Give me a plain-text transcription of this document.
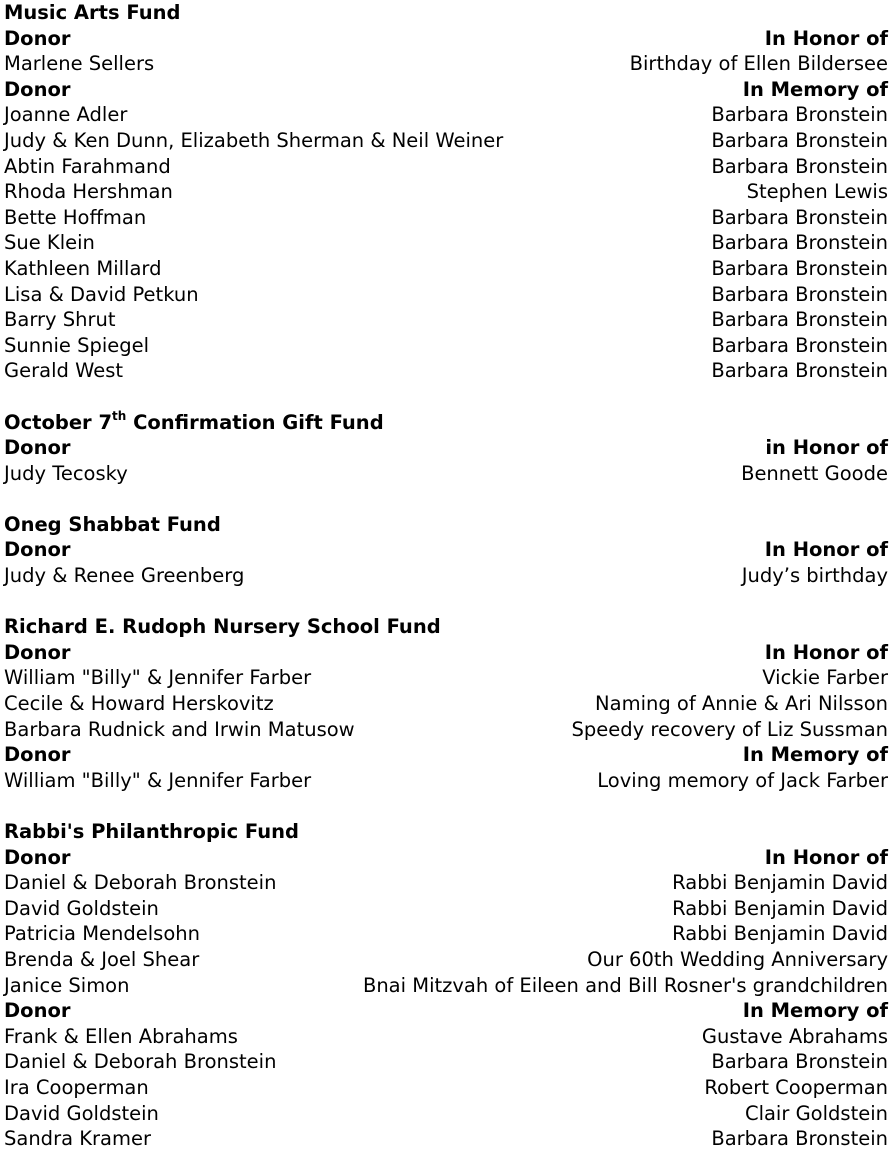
Music Arts Fund
Donor	In Honor of
Marlene Sellers	Birthday of Ellen Bildersee
Donor	In Memory of
Joanne Adler	Barbara Bronstein
Judy & Ken Dunn, Elizabeth Sherman & Neil Weiner	Barbara Bronstein
Abtin Farahmand	Barbara Bronstein
Rhoda Hershman	Stephen Lewis
Bette Hoffman	Barbara Bronstein
Sue Klein	Barbara Bronstein
Kathleen Millard	Barbara Bronstein
Lisa & David Petkun	Barbara Bronstein
Barry Shrut	Barbara Bronstein
Sunnie Spiegel	Barbara Bronstein
Gerald West	Barbara Bronstein
October 7th Confirmation Gift Fund
Donor	in Honor of
Judy Tecosky	Bennett Goode
Oneg Shabbat Fund
Donor	In Honor of
Judy & Renee Greenberg	Judy’s birthday
Richard E. Rudoph Nursery School Fund
Donor	In Honor of
William "Billy" & Jennifer Farber	Vickie Farber
Cecile & Howard Herskovitz	Naming of Annie & Ari Nilsson
Barbara Rudnick and Irwin Matusow	Speedy recovery of Liz Sussman
Donor	In Memory of
William "Billy" & Jennifer Farber	Loving memory of Jack Farber
Rabbi's Philanthropic Fund
Donor	In Honor of
Daniel & Deborah Bronstein	Rabbi Benjamin David
David Goldstein	Rabbi Benjamin David
Patricia Mendelsohn	Rabbi Benjamin David
Brenda & Joel Shear	Our 60th Wedding Anniversary
Janice Simon	Bnai Mitzvah of Eileen and Bill Rosner's grandchildren
Donor	In Memory of
Frank & Ellen Abrahams	Gustave Abrahams
Daniel & Deborah Bronstein	Barbara Bronstein
Ira Cooperman	Robert Cooperman
David Goldstein	Clair Goldstein
Sandra Kramer	Barbara Bronstein
